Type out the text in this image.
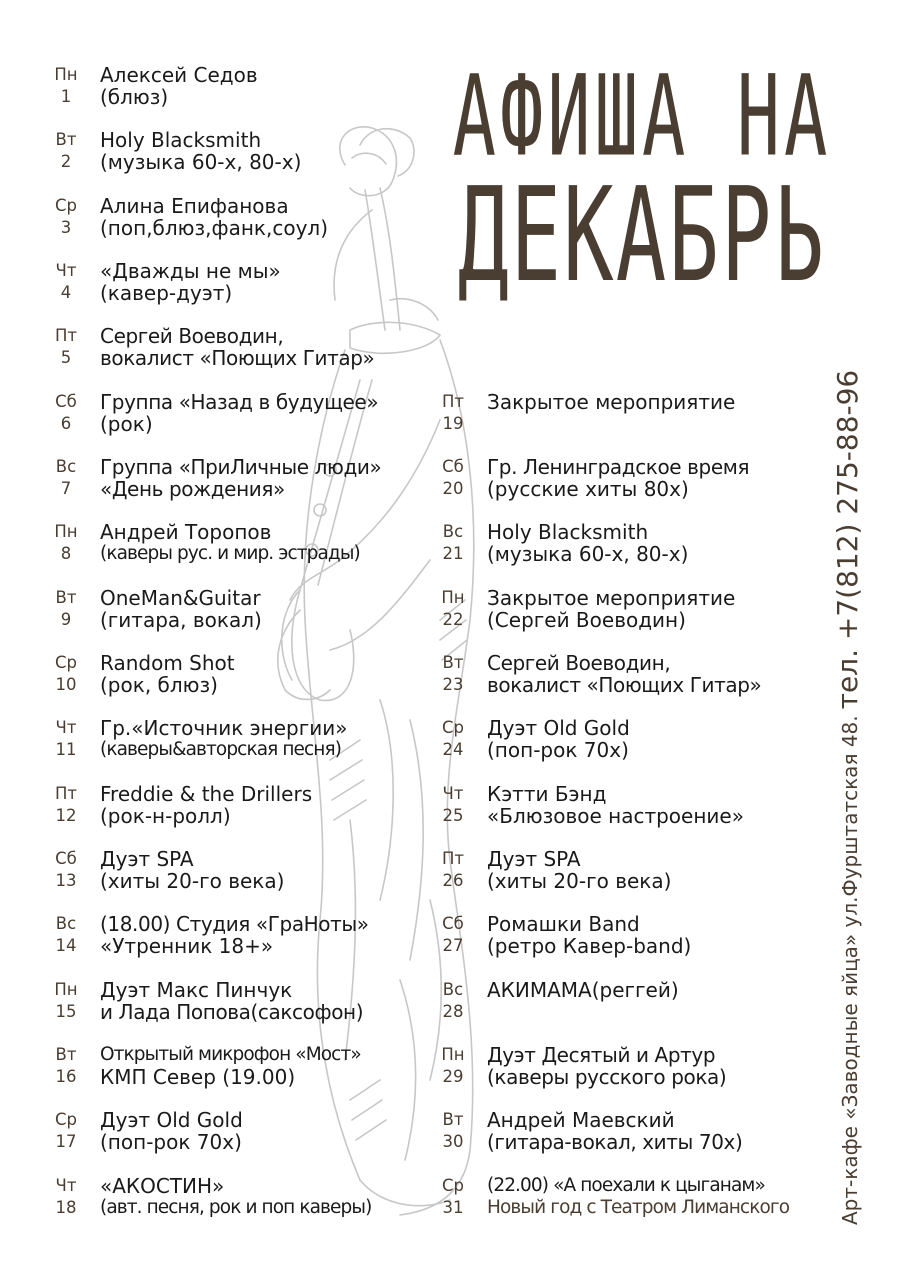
АФИША НА
ДЕКАБРЬ
Пн
1
Алексей Седов
(блюз)
Вт
2
Holy Blacksmith
(музыка 60-х, 80-х)
Ср
3
Алина Епифанова
(поп,блюз,фанк,соул)
Чт
4
«Дважды не мы»
(кавер-дуэт)
Пт
5
Сергей Воеводин,
вокалист «Поющих Гитар»
Сб
6
Группа «Назад в будущее»
(рок)
Вс
7
Группа «ПриЛичные люди»
«День рождения»
Пн
8
Андрей Торопов
(каверы рус. и мир. эстрады)
Вт
9
OneMan&Guitar
(гитара, вокал)
Ср
10
Random Shot
(рок, блюз)
Чт
11
Гр.«Источник энергии»
(каверы&авторская песня)
Пт
12
Freddie & the Drillers
(рок-н-ролл)
Сб
13
Дуэт SPA
(хиты 20-го века)
Вс
14
(18.00) Студия «ГраНоты»
«Утренник 18+»
Пн
15
Дуэт Макс Пинчук
и Лада Попова(саксофон)
Вт
16
Открытый микрофон «Мост»
КМП Север (19.00)
Ср
17
Дуэт Old Gold
(поп-рок 70х)
Чт
18
«АКОСТИН»
(авт. песня, рок и поп каверы)
Пт
19
Закрытое мероприятие
Сб
20
Гр. Ленинградское время
(русские хиты 80х)
Вс
21
Holy Blacksmith
(музыка 60-х, 80-х)
Пн
22
Закрытое мероприятие
(Сергей Воеводин)
Вт
23
Сергей Воеводин,
вокалист «Поющих Гитар»
Ср
24
Дуэт Old Gold
(поп-рок 70х)
Чт
25
Кэтти Бэнд
«Блюзовое настроение»
Пт
26
Дуэт SPA
(хиты 20-го века)
Сб
27
Ромашки Band
(ретро Кавер-band)
Вс
28
АКИМАМА(реггей)
Пн
29
Дуэт Десятый и Артур
(каверы русского рока)
Вт
30
Андрей Маевский
(гитара-вокал, хиты 70х)
Ср
31
(22.00) «А поехали к цыганам»
Новый год с Театром Лиманского Арт-кафе «Заводные яйца» ул.Фурштатская 48.тел. +7(812) 275-88-96
